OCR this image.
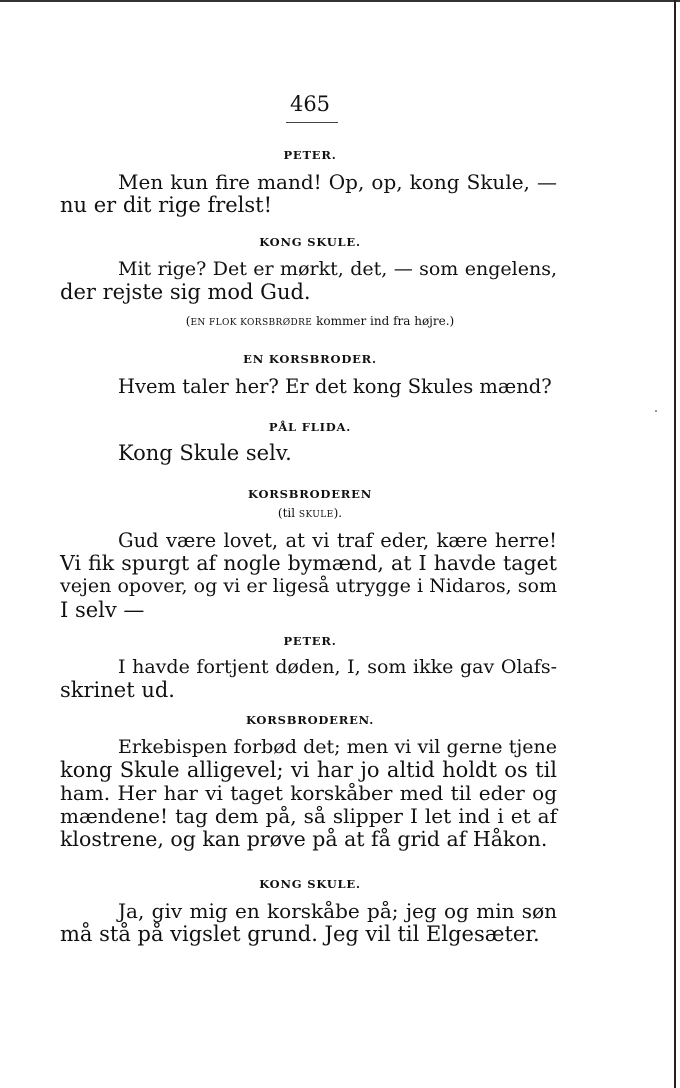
465
PETER.
Men kun fire mand! Op, op, kong Skule, —
nu er dit rige frelst!
KONG SKULE.
Mit rige? Det er mørkt, det, — som engelens,
der rejste sig mod Gud.
(EN FLOK KORSBRØDRE kommer ind fra højre.)
EN KORSBRODER.
Hvem taler her? Er det kong Skules mænd?
PÅL FLIDA.
Kong Skule selv.
KORSBRODEREN
(til SKULE).
Gud være lovet, at vi traf eder, kære herre!
Vi fik spurgt af nogle bymænd, at I havde taget
vejen opover, og vi er ligeså utrygge i Nidaros, som
I selv —
PETER.
I havde fortjent døden, I, som ikke gav Olafs-
skrinet ud.
KORSBRODEREN.
Erkebispen forbød det; men vi vil gerne tjene
kong Skule alligevel; vi har jo altid holdt os til
ham. Her har vi taget korskåber med til eder og
mændene! tag dem på, så slipper I let ind i et af
klostrene, og kan prøve på at få grid af Håkon.
KONG SKULE.
Ja, giv mig en korskåbe på; jeg og min søn
må stå på vigslet grund. Jeg vil til Elgesæter.
